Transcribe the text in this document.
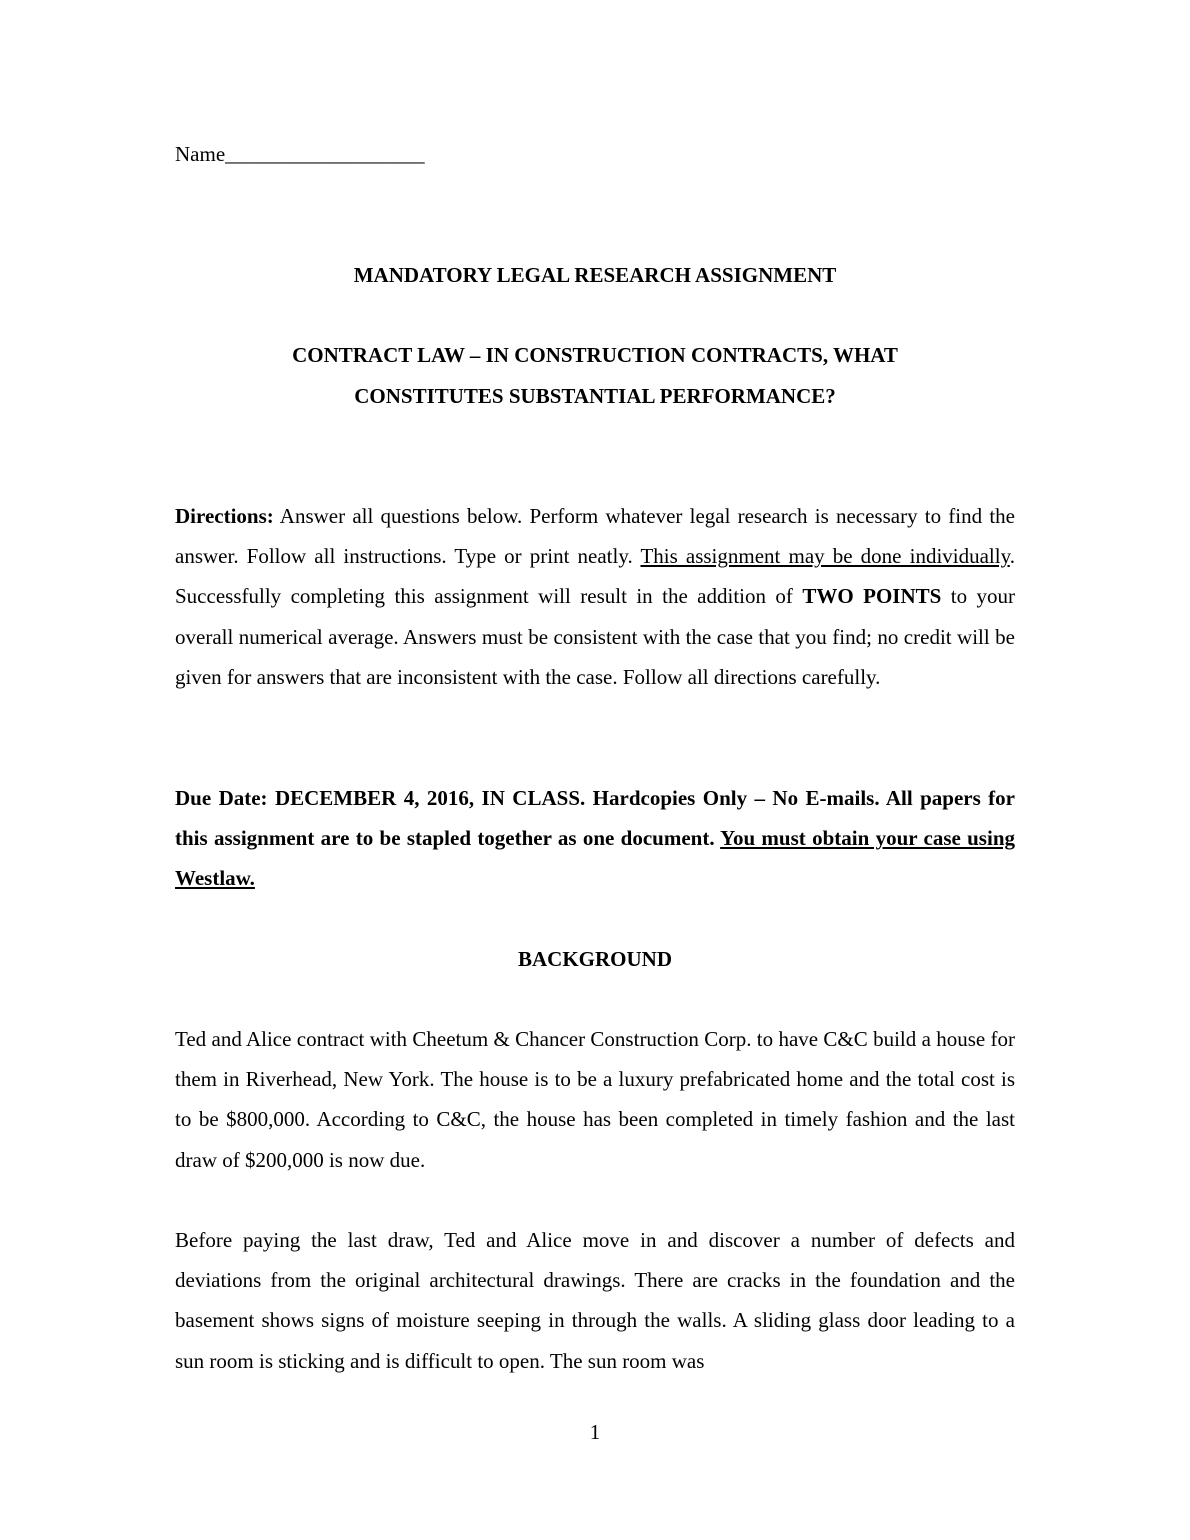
Name___________________
MANDATORY LEGAL RESEARCH ASSIGNMENT
CONTRACT LAW – IN CONSTRUCTION CONTRACTS, WHAT
CONSTITUTES SUBSTANTIAL PERFORMANCE?

Directions: Answer all questions below. Perform whatever legal research is necessary to find the answer. Follow all instructions. Type or print neatly. This assignment may be done individually. Successfully completing this assignment will result in the addition of TWO POINTS to your overall numerical average. Answers must be consistent with the case that you find; no credit will be given for answers that are inconsistent with the case. Follow all directions carefully.

Due Date: DECEMBER 4, 2016, IN CLASS. Hardcopies Only – No E-mails. All papers for this assignment are to be stapled together as one document. You must obtain your case using Westlaw.

BACKGROUND

Ted and Alice contract with Cheetum & Chancer Construction Corp. to have C&C build a house for them in Riverhead, New York. The house is to be a luxury prefabricated home and the total cost is to be $800,000. According to C&C, the house has been completed in timely fashion and the last draw of $200,000 is now due.

Before paying the last draw, Ted and Alice move in and discover a number of defects and deviations from the original architectural drawings. There are cracks in the foundation and the basement shows signs of moisture seeping in through the walls. A sliding glass door leading to a sun room is sticking and is difficult to open. The sun room was

1
